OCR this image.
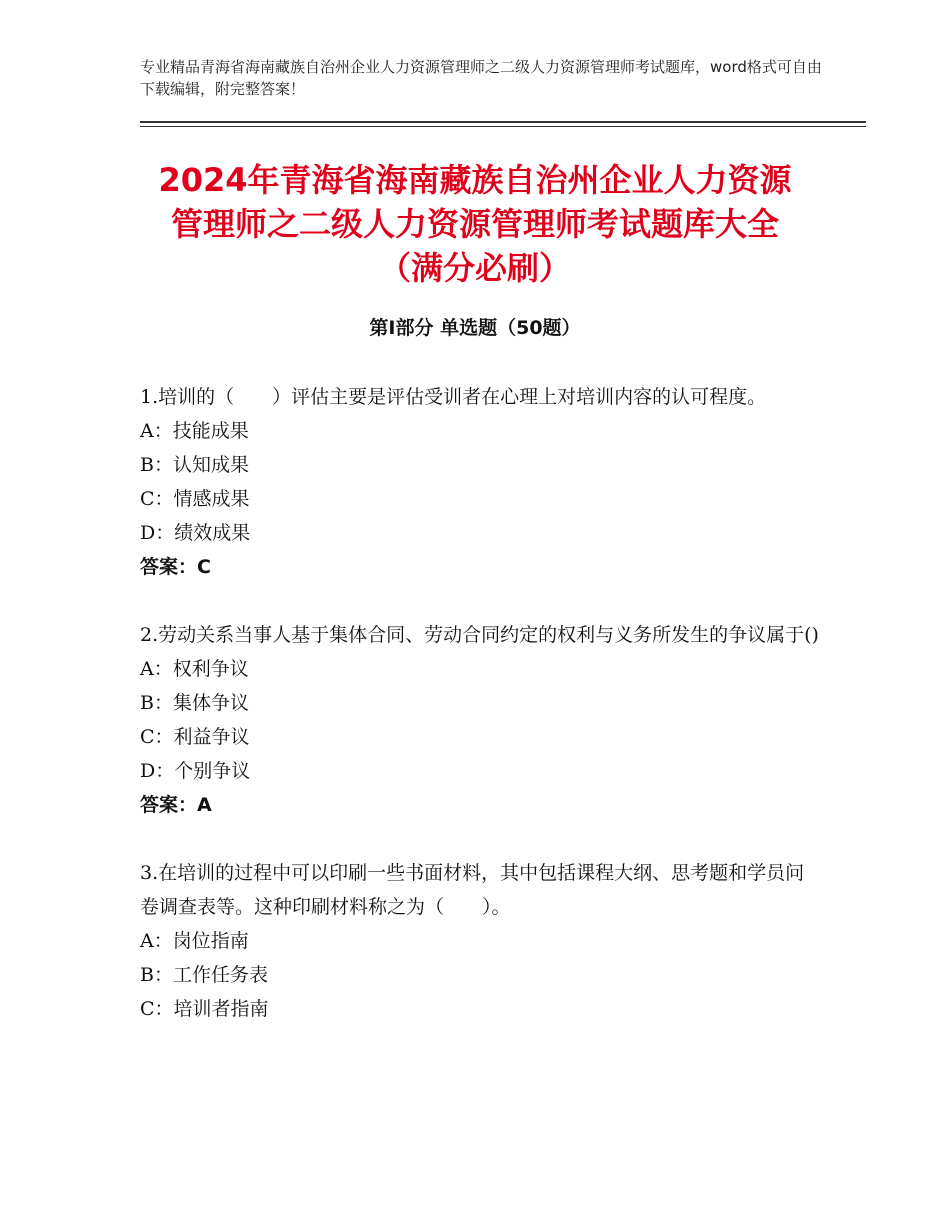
专业精品青海省海南藏族自治州企业人力资源管理师之二级人力资源管理师考试题库，word格式可自由下载编辑，附完整答案！
2024年青海省海南藏族自治州企业人力资源
管理师之二级人力资源管理师考试题库大全
（满分必刷）
第Ⅰ部分 单选题（50题）
1.培训的（　　）评估主要是评估受训者在心理上对培训内容的认可程度。
A：技能成果
B：认知成果
C：情感成果
D：绩效成果
答案：C
2.劳动关系当事人基于集体合同、劳动合同约定的权利与义务所发生的争议属于()
A：权利争议
B：集体争议
C：利益争议
D：个别争议
答案：A
3.在培训的过程中可以印刷一些书面材料，其中包括课程大纲、思考题和学员问卷调查表等。这种印刷材料称之为（　　）。
A：岗位指南
B：工作任务表
C：培训者指南
